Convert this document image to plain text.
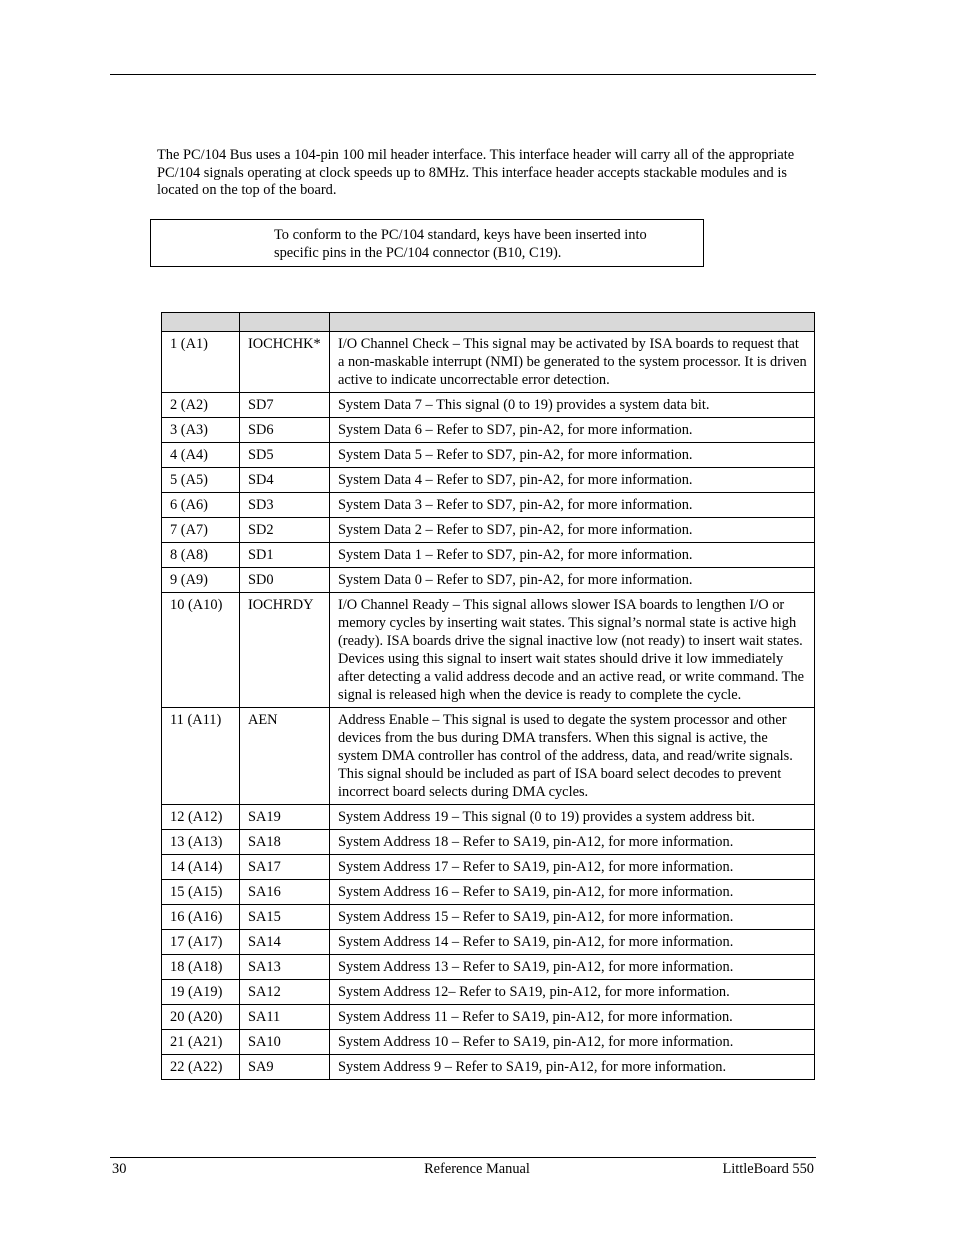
The PC/104 Bus uses a 104-pin 100 mil header interface. This interface header will carry all of the appropriate PC/104 signals operating at clock speeds up to 8MHz. This interface header accepts stackable modules and is located on the top of the board.

To conform to the PC/104 standard, keys have been inserted into specific pins in the PC/104 connector (B10, C19).

1 (A1)	IOCHCHK*	I/O Channel Check – This signal may be activated by ISA boards to request that a non-maskable interrupt (NMI) be generated to the system processor. It is driven active to indicate uncorrectable error detection.
2 (A2)	SD7	System Data 7 – This signal (0 to 19) provides a system data bit.
3 (A3)	SD6	System Data 6 – Refer to SD7, pin-A2, for more information.
4 (A4)	SD5	System Data 5 – Refer to SD7, pin-A2, for more information.
5 (A5)	SD4	System Data 4 – Refer to SD7, pin-A2, for more information.
6 (A6)	SD3	System Data 3 – Refer to SD7, pin-A2, for more information.
7 (A7)	SD2	System Data 2 – Refer to SD7, pin-A2, for more information.
8 (A8)	SD1	System Data 1 – Refer to SD7, pin-A2, for more information.
9 (A9)	SD0	System Data 0 – Refer to SD7, pin-A2, for more information.
10 (A10)	IOCHRDY	I/O Channel Ready – This signal allows slower ISA boards to lengthen I/O or memory cycles by inserting wait states. This signal’s normal state is active high (ready). ISA boards drive the signal inactive low (not ready) to insert wait states. Devices using this signal to insert wait states should drive it low immediately after detecting a valid address decode and an active read, or write command. The signal is released high when the device is ready to complete the cycle.
11 (A11)	AEN	Address Enable – This signal is used to degate the system processor and other devices from the bus during DMA transfers. When this signal is active, the system DMA controller has control of the address, data, and read/write signals. This signal should be included as part of ISA board select decodes to prevent incorrect board selects during DMA cycles.
12 (A12)	SA19	System Address 19 – This signal (0 to 19) provides a system address bit.
13 (A13)	SA18	System Address 18 – Refer to SA19, pin-A12, for more information.
14 (A14)	SA17	System Address 17 – Refer to SA19, pin-A12, for more information.
15 (A15)	SA16	System Address 16 – Refer to SA19, pin-A12, for more information.
16 (A16)	SA15	System Address 15 – Refer to SA19, pin-A12, for more information.
17 (A17)	SA14	System Address 14 – Refer to SA19, pin-A12, for more information.
18 (A18)	SA13	System Address 13 – Refer to SA19, pin-A12, for more information.
19 (A19)	SA12	System Address 12– Refer to SA19, pin-A12, for more information.
20 (A20)	SA11	System Address 11 – Refer to SA19, pin-A12, for more information.
21 (A21)	SA10	System Address 10 – Refer to SA19, pin-A12, for more information.
22 (A22)	SA9	System Address 9 – Refer to SA19, pin-A12, for more information.
30	Reference Manual	LittleBoard 550
